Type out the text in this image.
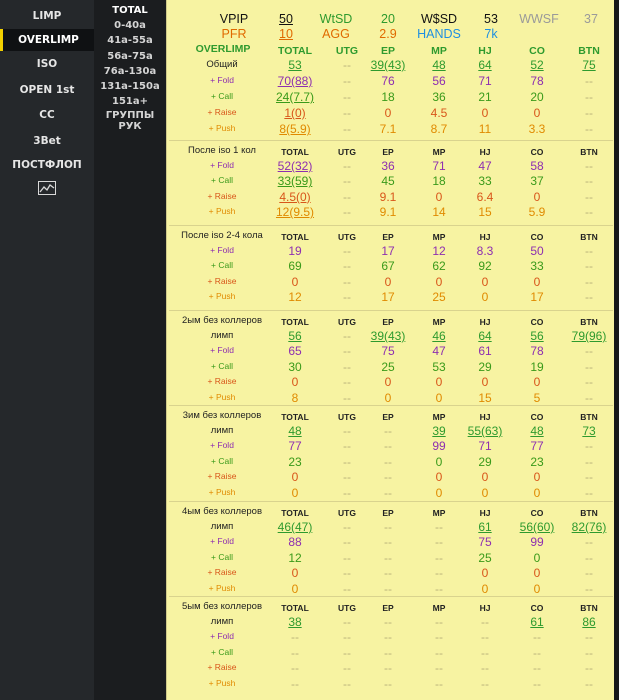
LIMP
OVERLIMP
ISO
OPEN 1st
CC
3Bet
ПОСТФЛОП
TOTAL
0-40a
41a-55a
56a-75a
76a-130a
131a-150a
151a+
ГРУППЫ РУК
VPIP	50	WtSD	20	W$SD	53	WWSF	37
PFR	10	AGG	2.9	HANDS	7k
OVERLIMP	TOTAL	UTG	EP	MP	HJ	CO	BTN
Общий	53	--	39(43)	48	64	52	75
+ Fold	70(88)	--	76	56	71	78	--
+ Call	24(7.7)	--	18	36	21	20	--
+ Raise	1(0)	--	0	4.5	0	0	--
+ Push	8(5.9)	--	7.1	8.7	11	3.3	--
После iso 1 кол	TOTAL	UTG	EP	MP	HJ	CO	BTN
+ Fold	52(32)	--	36	71	47	58	--
+ Call	33(59)	--	45	18	33	37	--
+ Raise	4.5(0)	--	9.1	0	6.4	0	--
+ Push	12(9.5)	--	9.1	14	15	5.9	--
После iso 2-4 кола	TOTAL	UTG	EP	MP	HJ	CO	BTN
+ Fold	19	--	17	12	8.3	50	--
+ Call	69	--	67	62	92	33	--
+ Raise	0	--	0	0	0	0	--
+ Push	12	--	17	25	0	17	--
2ым без коллеров	TOTAL	UTG	EP	MP	HJ	CO	BTN
лимп	56	--	39(43)	46	64	56	79(96)
+ Fold	65	--	75	47	61	78	--
+ Call	30	--	25	53	29	19	--
+ Raise	0	--	0	0	0	0	--
+ Push	8	--	0	0	15	5	--
3им без коллеров	TOTAL	UTG	EP	MP	HJ	CO	BTN
лимп	48	--	--	39	55(63)	48	73
+ Fold	77	--	--	99	71	77	--
+ Call	23	--	--	0	29	23	--
+ Raise	0	--	--	0	0	0	--
+ Push	0	--	--	0	0	0	--
4ым без коллеров	TOTAL	UTG	EP	MP	HJ	CO	BTN
лимп	46(47)	--	--	--	61	56(60)	82(76)
+ Fold	88	--	--	--	75	99	--
+ Call	12	--	--	--	25	0	--
+ Raise	0	--	--	--	0	0	--
+ Push	0	--	--	--	0	0	--
5ым без коллеров	TOTAL	UTG	EP	MP	HJ	CO	BTN
лимп	38	--	--	--	--	61	86
+ Fold	--	--	--	--	--	--	--
+ Call	--	--	--	--	--	--	--
+ Raise	--	--	--	--	--	--	--
+ Push	--	--	--	--	--	--	--
